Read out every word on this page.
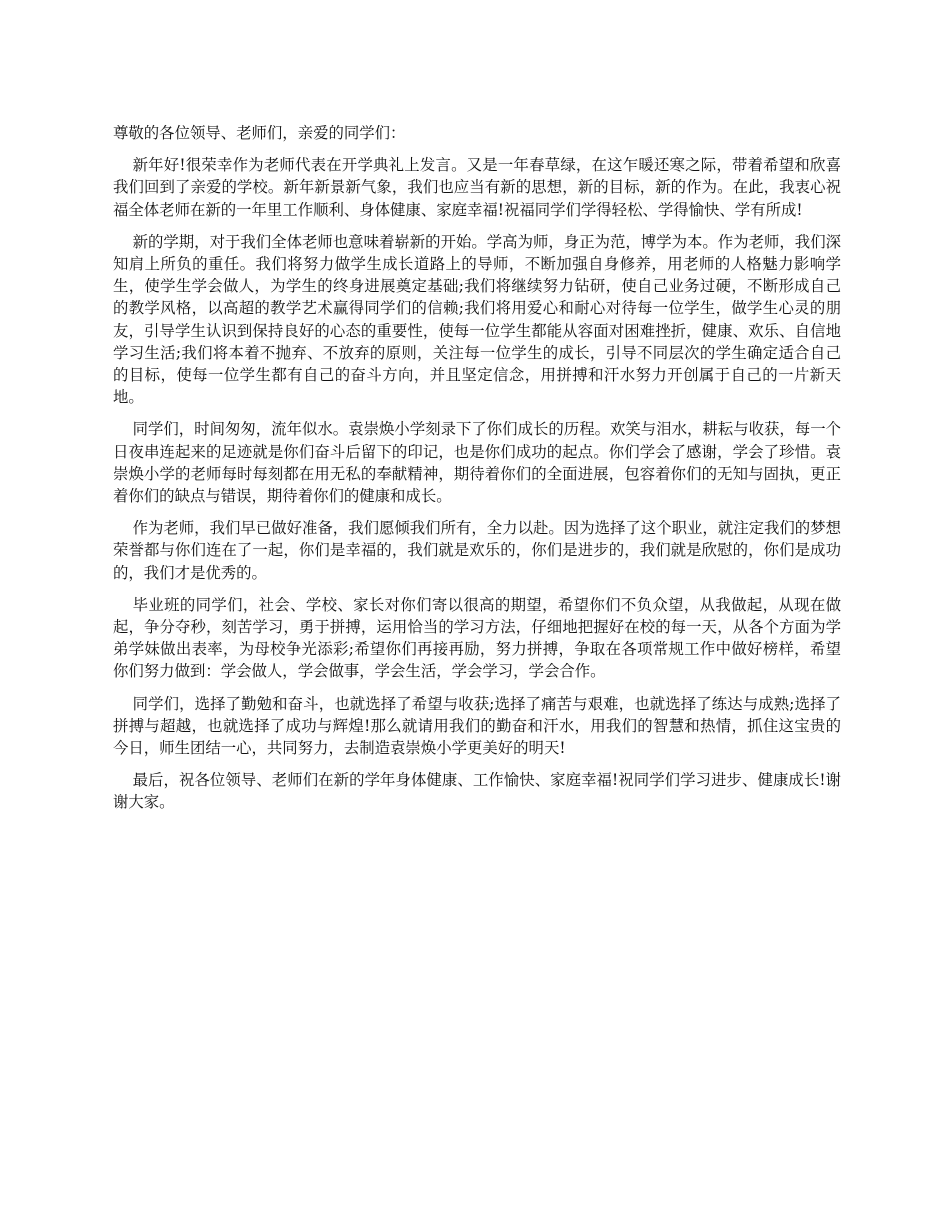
尊敬的各位领导、老师们，亲爱的同学们：

新年好!很荣幸作为老师代表在开学典礼上发言。又是一年春草绿，在这乍暖还寒之际，带着希望和欣喜我们回到了亲爱的学校。新年新景新气象，我们也应当有新的思想，新的目标，新的作为。在此，我衷心祝福全体老师在新的一年里工作顺利、身体健康、家庭幸福!祝福同学们学得轻松、学得愉快、学有所成!

新的学期，对于我们全体老师也意味着崭新的开始。学高为师，身正为范，博学为本。作为老师，我们深知肩上所负的重任。我们将努力做学生成长道路上的导师，不断加强自身修养，用老师的人格魅力影响学生，使学生学会做人，为学生的终身进展奠定基础;我们将继续努力钻研，使自己业务过硬，不断形成自己的教学风格，以高超的教学艺术赢得同学们的信赖;我们将用爱心和耐心对待每一位学生，做学生心灵的朋友，引导学生认识到保持良好的心态的重要性，使每一位学生都能从容面对困难挫折，健康、欢乐、自信地学习生活;我们将本着不抛弃、不放弃的原则，关注每一位学生的成长，引导不同层次的学生确定适合自己的目标，使每一位学生都有自己的奋斗方向，并且坚定信念，用拼搏和汗水努力开创属于自己的一片新天地。

同学们，时间匆匆，流年似水。袁崇焕小学刻录下了你们成长的历程。欢笑与泪水，耕耘与收获，每一个日夜串连起来的足迹就是你们奋斗后留下的印记，也是你们成功的起点。你们学会了感谢，学会了珍惜。袁崇焕小学的老师每时每刻都在用无私的奉献精神，期待着你们的全面进展，包容着你们的无知与固执，更正着你们的缺点与错误，期待着你们的健康和成长。

作为老师，我们早已做好准备，我们愿倾我们所有，全力以赴。因为选择了这个职业，就注定我们的梦想荣誉都与你们连在了一起，你们是幸福的，我们就是欢乐的，你们是进步的，我们就是欣慰的，你们是成功的，我们才是优秀的。

毕业班的同学们，社会、学校、家长对你们寄以很高的期望，希望你们不负众望，从我做起，从现在做起，争分夺秒，刻苦学习，勇于拼搏，运用恰当的学习方法，仔细地把握好在校的每一天，从各个方面为学弟学妹做出表率，为母校争光添彩;希望你们再接再励，努力拼搏，争取在各项常规工作中做好榜样，希望你们努力做到：学会做人，学会做事，学会生活，学会学习，学会合作。

同学们，选择了勤勉和奋斗，也就选择了希望与收获;选择了痛苦与艰难，也就选择了练达与成熟;选择了拼搏与超越，也就选择了成功与辉煌!那么就请用我们的勤奋和汗水，用我们的智慧和热情，抓住这宝贵的今日，师生团结一心，共同努力，去制造袁崇焕小学更美好的明天!

最后，祝各位领导、老师们在新的学年身体健康、工作愉快、家庭幸福!祝同学们学习进步、健康成长!谢谢大家。
